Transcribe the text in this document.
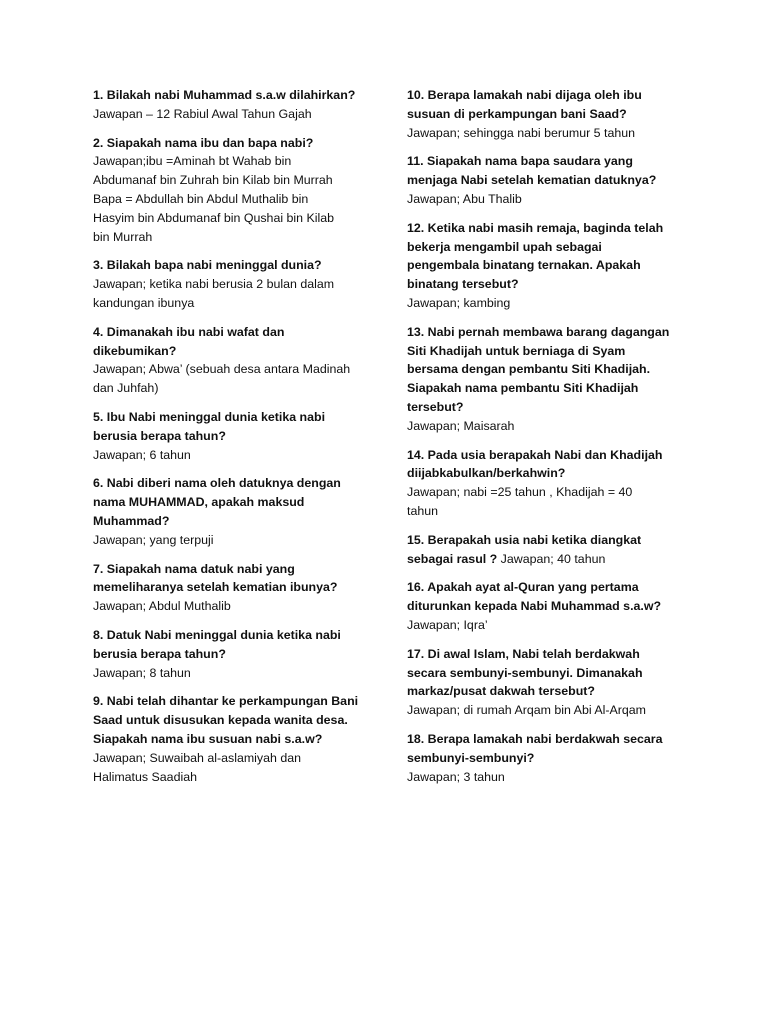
1. Bilakah nabi Muhammad s.a.w dilahirkan?
Jawapan – 12 Rabiul Awal Tahun Gajah
2. Siapakah nama ibu dan bapa nabi?
Jawapan;ibu =Aminah bt Wahab bin
Abdumanaf bin Zuhrah bin Kilab bin Murrah
Bapa = Abdullah bin Abdul Muthalib bin
Hasyim bin Abdumanaf bin Qushai bin Kilab
bin Murrah
3. Bilakah bapa nabi meninggal dunia?
Jawapan; ketika nabi berusia 2 bulan dalam
kandungan ibunya
4. Dimanakah ibu nabi wafat dan
dikebumikan?
Jawapan; Abwa’ (sebuah desa antara Madinah
dan Juhfah)
5. Ibu Nabi meninggal dunia ketika nabi
berusia berapa tahun?
Jawapan; 6 tahun
6. Nabi diberi nama oleh datuknya dengan
nama MUHAMMAD, apakah maksud
Muhammad?
Jawapan; yang terpuji
7. Siapakah nama datuk nabi yang
memeliharanya setelah kematian ibunya?
Jawapan; Abdul Muthalib
8. Datuk Nabi meninggal dunia ketika nabi
berusia berapa tahun?
Jawapan; 8 tahun
9. Nabi telah dihantar ke perkampungan Bani
Saad untuk disusukan kepada wanita desa.
Siapakah nama ibu susuan nabi s.a.w?
Jawapan; Suwaibah al-aslamiyah dan
Halimatus Saadiah
10. Berapa lamakah nabi dijaga oleh ibu
susuan di perkampungan bani Saad?
Jawapan; sehingga nabi berumur 5 tahun
11. Siapakah nama bapa saudara yang
menjaga Nabi setelah kematian datuknya?
Jawapan; Abu Thalib
12. Ketika nabi masih remaja, baginda telah
bekerja mengambil upah sebagai
pengembala binatang ternakan. Apakah
binatang tersebut?
Jawapan; kambing
13. Nabi pernah membawa barang dagangan
Siti Khadijah untuk berniaga di Syam
bersama dengan pembantu Siti Khadijah.
Siapakah nama pembantu Siti Khadijah
tersebut?
Jawapan; Maisarah
14. Pada usia berapakah Nabi dan Khadijah
diijabkabulkan/berkahwin?
Jawapan; nabi =25 tahun , Khadijah = 40
tahun
15. Berapakah usia nabi ketika diangkat
sebagai rasul ? Jawapan; 40 tahun
16. Apakah ayat al-Quran yang pertama
diturunkan kepada Nabi Muhammad s.a.w?
Jawapan; Iqra’
17. Di awal Islam, Nabi telah berdakwah
secara sembunyi-sembunyi. Dimanakah
markaz/pusat dakwah tersebut?
Jawapan; di rumah Arqam bin Abi Al-Arqam
18. Berapa lamakah nabi berdakwah secara
sembunyi-sembunyi?
Jawapan; 3 tahun
